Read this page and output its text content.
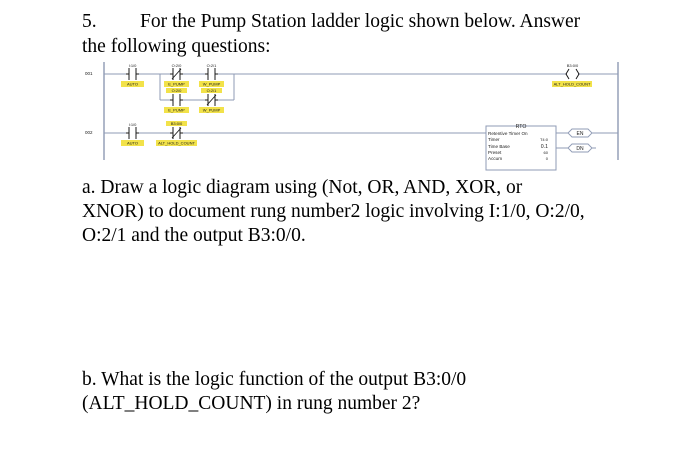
5. For the Pump Station ladder logic shown below. Answer
the following questions:
001
I:1/0
AUTO
O:2/0
E_PUMP
O:2/1
W_PUMP
O:2/0
E_PUMP
O:2/1
W_PUMP
B3:0/0
ALT_HOLD_COUNT
002
I:1/0
AUTO
B3:0/0
ALT_HOLD_COUNT
RTO
Retentive Timer On
Timer	T4:0
Time Base	0.1
Preset	60
Accum	0
EN
DN
a. Draw a logic diagram using (Not, OR, AND, XOR, or
XNOR) to document rung number2 logic involving I:1/0, O:2/0,
O:2/1 and the output B3:0/0.
b. What is the logic function of the output B3:0/0
(ALT_HOLD_COUNT) in rung number 2?
